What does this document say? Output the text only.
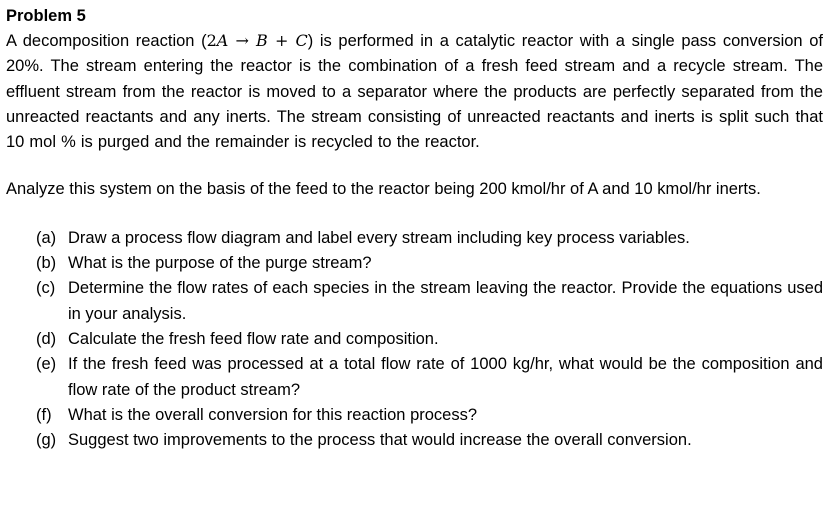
Problem 5

A decomposition reaction (2A → B + C) is performed in a catalytic reactor with a single pass conversion of 20%. The stream entering the reactor is the combination of a fresh feed stream and a recycle stream. The effluent stream from the reactor is moved to a separator where the products are perfectly separated from the unreacted reactants and any inerts. The stream consisting of unreacted reactants and inerts is split such that 10 mol % is purged and the remainder is recycled to the reactor.

Analyze this system on the basis of the feed to the reactor being 200 kmol/hr of A and 10 kmol/hr inerts.

(a) Draw a process flow diagram and label every stream including key process variables.
(b) What is the purpose of the purge stream?
(c) Determine the flow rates of each species in the stream leaving the reactor. Provide the equations used in your analysis.
(d) Calculate the fresh feed flow rate and composition.
(e) If the fresh feed was processed at a total flow rate of 1000 kg/hr, what would be the composition and flow rate of the product stream?
(f) What is the overall conversion for this reaction process?
(g) Suggest two improvements to the process that would increase the overall conversion.
